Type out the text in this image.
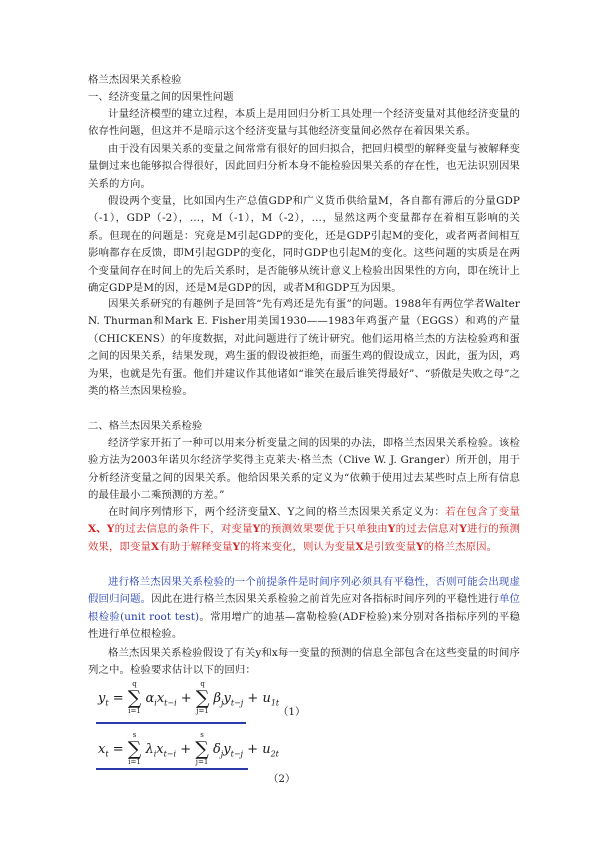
格兰杰因果关系检验

一、经济变量之间的因果性问题

计量经济模型的建立过程，本质上是用回归分析工具处理一个经济变量对其他经济变量的依存性问题，但这并不是暗示这个经济变量与其他经济变量间必然存在着因果关系。

由于没有因果关系的变量之间常常有很好的回归拟合，把回归模型的解释变量与被解释变量倒过来也能够拟合得很好，因此回归分析本身不能检验因果关系的存在性，也无法识别因果关系的方向。

假设两个变量，比如国内生产总值GDP和广义货币供给量M，各自都有滞后的分量GDP（-1），GDP（-2），…，M（-1），M（-2），…，显然这两个变量都存在着相互影响的关系。但现在的问题是：究竟是M引起GDP的变化，还是GDP引起M的变化，或者两者间相互影响都存在反馈，即M引起GDP的变化，同时GDP也引起M的变化。这些问题的实质是在两个变量间存在时间上的先后关系时，是否能够从统计意义上检验出因果性的方向，即在统计上确定GDP是M的因，还是M是GDP的因，或者M和GDP互为因果。

因果关系研究的有趣例子是回答“先有鸡还是先有蛋”的问题。1988年有两位学者Walter N. Thurman和Mark E. Fisher用美国1930——1983年鸡蛋产量（EGGS）和鸡的产量（CHICKENS）的年度数据，对此问题进行了统计研究。他们运用格兰杰的方法检验鸡和蛋之间的因果关系，结果发现，鸡生蛋的假设被拒绝，而蛋生鸡的假设成立，因此，蛋为因，鸡为果，也就是先有蛋。他们并建议作其他诸如“谁笑在最后谁笑得最好”、“骄傲是失败之母”之类的格兰杰因果检验。

二、格兰杰因果关系检验

经济学家开拓了一种可以用来分析变量之间的因果的办法，即格兰杰因果关系检验。该检验方法为2003年诺贝尔经济学奖得主克莱夫·格兰杰（Clive W. J. Granger）所开创，用于分析经济变量之间的因果关系。他给因果关系的定义为“依赖于使用过去某些时点上所有信息的最佳最小二乘预测的方差。”

在时间序列情形下，两个经济变量X、Y之间的格兰杰因果关系定义为：若在包含了变量X、Y的过去信息的条件下，对变量Y的预测效果要优于只单独由Y的过去信息对Y进行的预测效果，即变量X有助于解释变量Y的将来变化，则认为变量X是引致变量Y的格兰杰原因。

进行格兰杰因果关系检验的一个前提条件是时间序列必须具有平稳性，否则可能会出现虚假回归问题。因此在进行格兰杰因果关系检验之前首先应对各指标时间序列的平稳性进行单位根检验(unit root test)。常用增广的迪基—富勒检验(ADF检验)来分别对各指标序列的平稳性进行单位根检验。

格兰杰因果关系检验假设了有关y和x每一变量的预测的信息全部包含在这些变量的时间序列之中。检验要求估计以下的回归：

$y_t$ =
q
∑
i=1
$\alpha_ix_{t-i}$ +
q
∑
j=1
$\beta_jy_{t-j} + u_{1t}$
（1）
$x_t$ =
s
∑
i=1
$\lambda_ix_{t-i}$ +
s
∑
j=1
$\delta_jy_{t-j} + u_{2t}$
（2）
